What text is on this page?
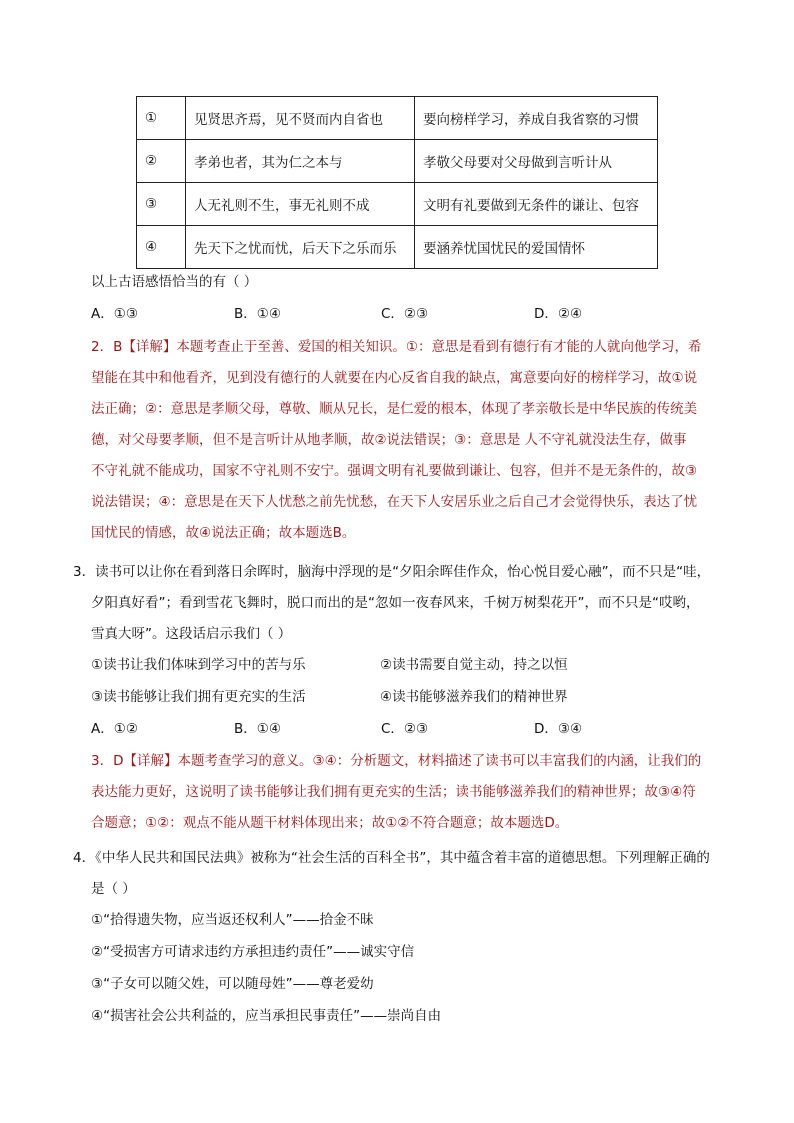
①	见贤思齐焉，见不贤而内自省也	要向榜样学习，养成自我省察的习惯
②	孝弟也者，其为仁之本与	孝敬父母要对父母做到言听计从
③	人无礼则不生，事无礼则不成	文明有礼要做到无条件的谦让、包容
④	先天下之忧而忧，后天下之乐而乐	要涵养忧国忧民的爱国情怀
以上古语感悟恰当的有（ ）
A．①③	B．①④	C．②③	D．②④
2．B【详解】本题考查止于至善、爱国的相关知识。①：意思是看到有德行有才能的人就向他学习，希
望能在其中和他看齐，见到没有德行的人就要在内心反省自我的缺点，寓意要向好的榜样学习，故①说
法正确；②：意思是孝顺父母，尊敬、顺从兄长，是仁爱的根本，体现了孝亲敬长是中华民族的传统美
德，对父母要孝顺，但不是言听计从地孝顺，故②说法错误；③：意思是 人不守礼就没法生存，做事
不守礼就不能成功，国家不守礼则不安宁。强调文明有礼要做到谦让、包容，但并不是无条件的，故③
说法错误；④：意思是在天下人忧愁之前先忧愁，在天下人安居乐业之后自己才会觉得快乐，表达了忧
国忧民的情感，故④说法正确；故本题选B。
3．读书可以让你在看到落日余晖时，脑海中浮现的是“夕阳余晖佳作众，怡心悦目爱心融”，而不只是“哇，
夕阳真好看”；看到雪花飞舞时，脱口而出的是“忽如一夜春风来，千树万树梨花开”，而不只是“哎哟，
雪真大呀”。这段话启示我们（ ）
①读书让我们体味到学习中的苦与乐	②读书需要自觉主动，持之以恒
③读书能够让我们拥有更充实的生活	④读书能够滋养我们的精神世界
A．①②	B．①④	C．②③	D．③④
3．D【详解】本题考查学习的意义。③④：分析题文，材料描述了读书可以丰富我们的内涵，让我们的
表达能力更好，这说明了读书能够让我们拥有更充实的生活；读书能够滋养我们的精神世界；故③④符
合题意；①②：观点不能从题干材料体现出来；故①②不符合题意；故本题选D。
4．《中华人民共和国民法典》被称为“社会生活的百科全书”，其中蕴含着丰富的道德思想。下列理解正确的
是（ ）
①“拾得遗失物，应当返还权利人”——拾金不昧
②“受损害方可请求违约方承担违约责任”——诚实守信
③“子女可以随父姓，可以随母姓”——尊老爱幼
④“损害社会公共利益的，应当承担民事责任”——崇尚自由
